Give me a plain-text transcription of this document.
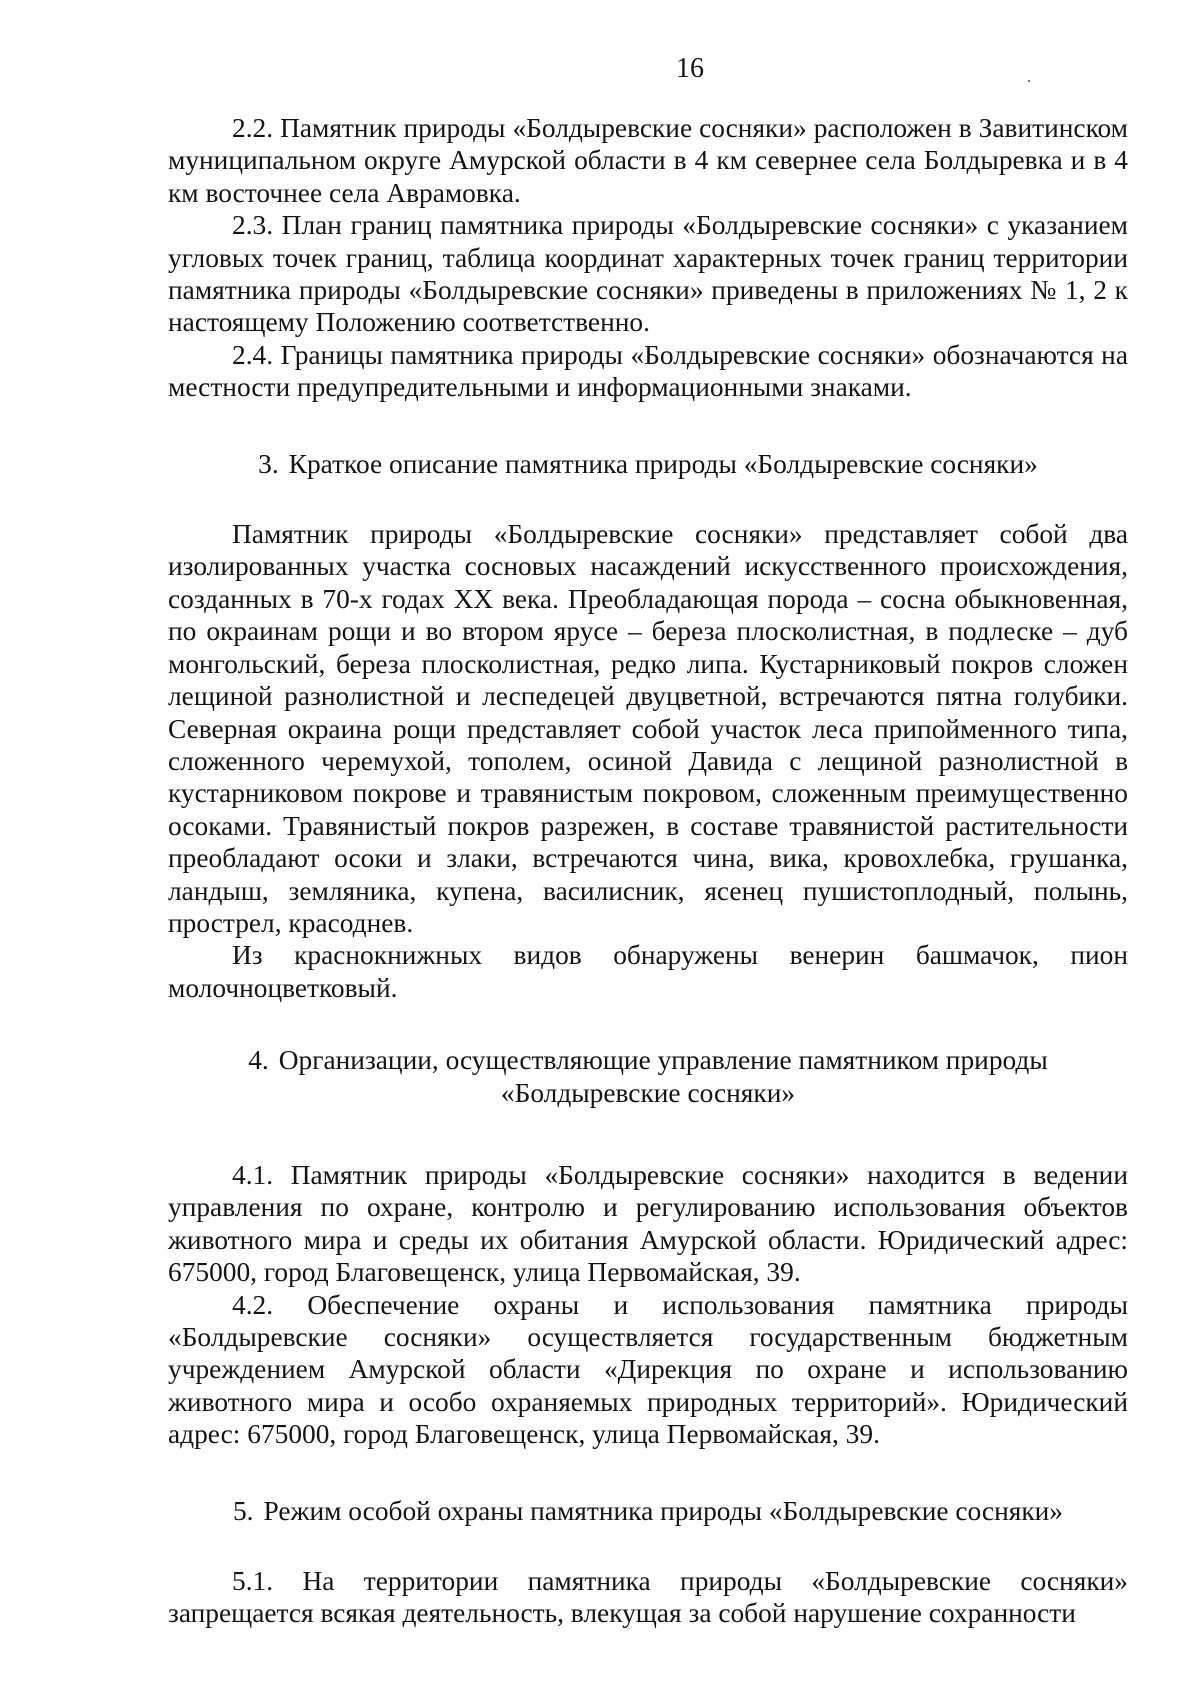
16

2.2. Памятник природы «Болдыревские сосняки» расположен в Завитинском муниципальном округе Амурской области в 4 км севернее села Болдыревка и в 4 км восточнее села Аврамовка.

2.3. План границ памятника природы «Болдыревские сосняки» с указанием угловых точек границ, таблица координат характерных точек границ территории памятника природы «Болдыревские сосняки» приведены в приложениях № 1, 2 к настоящему Положению соответственно.

2.4. Границы памятника природы «Болдыревские сосняки» обозначаются на местности предупредительными и информационными знаками.

3. Краткое описание памятника природы «Болдыревские сосняки»

Памятник природы «Болдыревские сосняки» представляет собой два изолированных участка сосновых насаждений искусственного происхождения, созданных в 70-х годах XX века. Преобладающая порода – сосна обыкновенная, по окраинам рощи и во втором ярусе – береза плосколистная, в подлеске – дуб монгольский, береза плосколистная, редко липа. Кустарниковый покров сложен лещиной разнолистной и леспедецей двуцветной, встречаются пятна голубики. Северная окраина рощи представляет собой участок леса припойменного типа, сложенного черемухой, тополем, осиной Давида с лещиной разнолистной в кустарниковом покрове и травянистым покровом, сложенным преимущественно осоками. Травянистый покров разрежен, в составе травянистой растительности преобладают осоки и злаки, встречаются чина, вика, кровохлебка, грушанка, ландыш, земляника, купена, василисник, ясенец пушистоплодный, полынь, прострел, красоднев.

Из краснокнижных видов обнаружены венерин башмачок, пион молочноцветковый.

4. Организации, осуществляющие управление памятником природы
«Болдыревские сосняки»

4.1. Памятник природы «Болдыревские сосняки» находится в ведении управления по охране, контролю и регулированию использования объектов животного мира и среды их обитания Амурской области. Юридический адрес: 675000, город Благовещенск, улица Первомайская, 39.

4.2. Обеспечение охраны и использования памятника природы «Болдыревские сосняки» осуществляется государственным бюджетным учреждением Амурской области «Дирекция по охране и использованию животного мира и особо охраняемых природных территорий». Юридический адрес: 675000, город Благовещенск, улица Первомайская, 39.

5. Режим особой охраны памятника природы «Болдыревские сосняки»

5.1. На территории памятника природы «Болдыревские сосняки» запрещается всякая деятельность, влекущая за собой нарушение сохранности
